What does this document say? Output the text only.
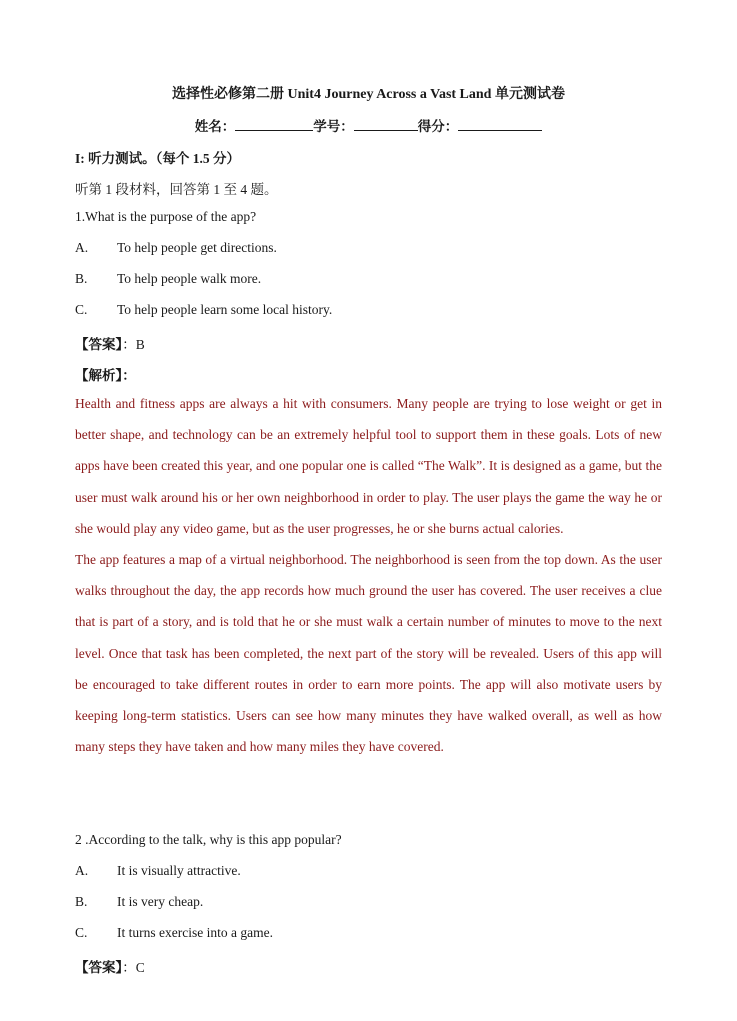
选择性必修第二册 Unit4 Journey Across a Vast Land 单元测试卷
姓名：	学号：	得分：
I: 听力测试。（每个 1.5 分）
听第 1 段材料，回答第 1 至 4 题。
1.What is the purpose of the app?
A. To help people get directions.
B. To help people walk more.
C. To help people learn some local history.
【答案】：B
【解析】：

Health and fitness apps are always a hit with consumers. Many people are trying to lose weight or get in better shape, and technology can be an extremely helpful tool to support them in these goals. Lots of new apps have been created this year, and one popular one is called “The Walk”. It is designed as a game, but the user must walk around his or her own neighborhood in order to play. The user plays the game the way he or she would play any video game, but as the user progresses, he or she burns actual calories.

The app features a map of a virtual neighborhood. The neighborhood is seen from the top down. As the user walks throughout the day, the app records how much ground the user has covered. The user receives a clue that is part of a story, and is told that he or she must walk a certain number of minutes to move to the next level. Once that task has been completed, the next part of the story will be revealed. Users of this app will be encouraged to take different routes in order to earn more points. The app will also motivate users by keeping long-term statistics. Users can see how many minutes they have walked overall, as well as how many steps they have taken and how many miles they have covered.

2 .According to the talk, why is this app popular?
A. It is visually attractive.
B. It is very cheap.
C. It turns exercise into a game.
【答案】：C
